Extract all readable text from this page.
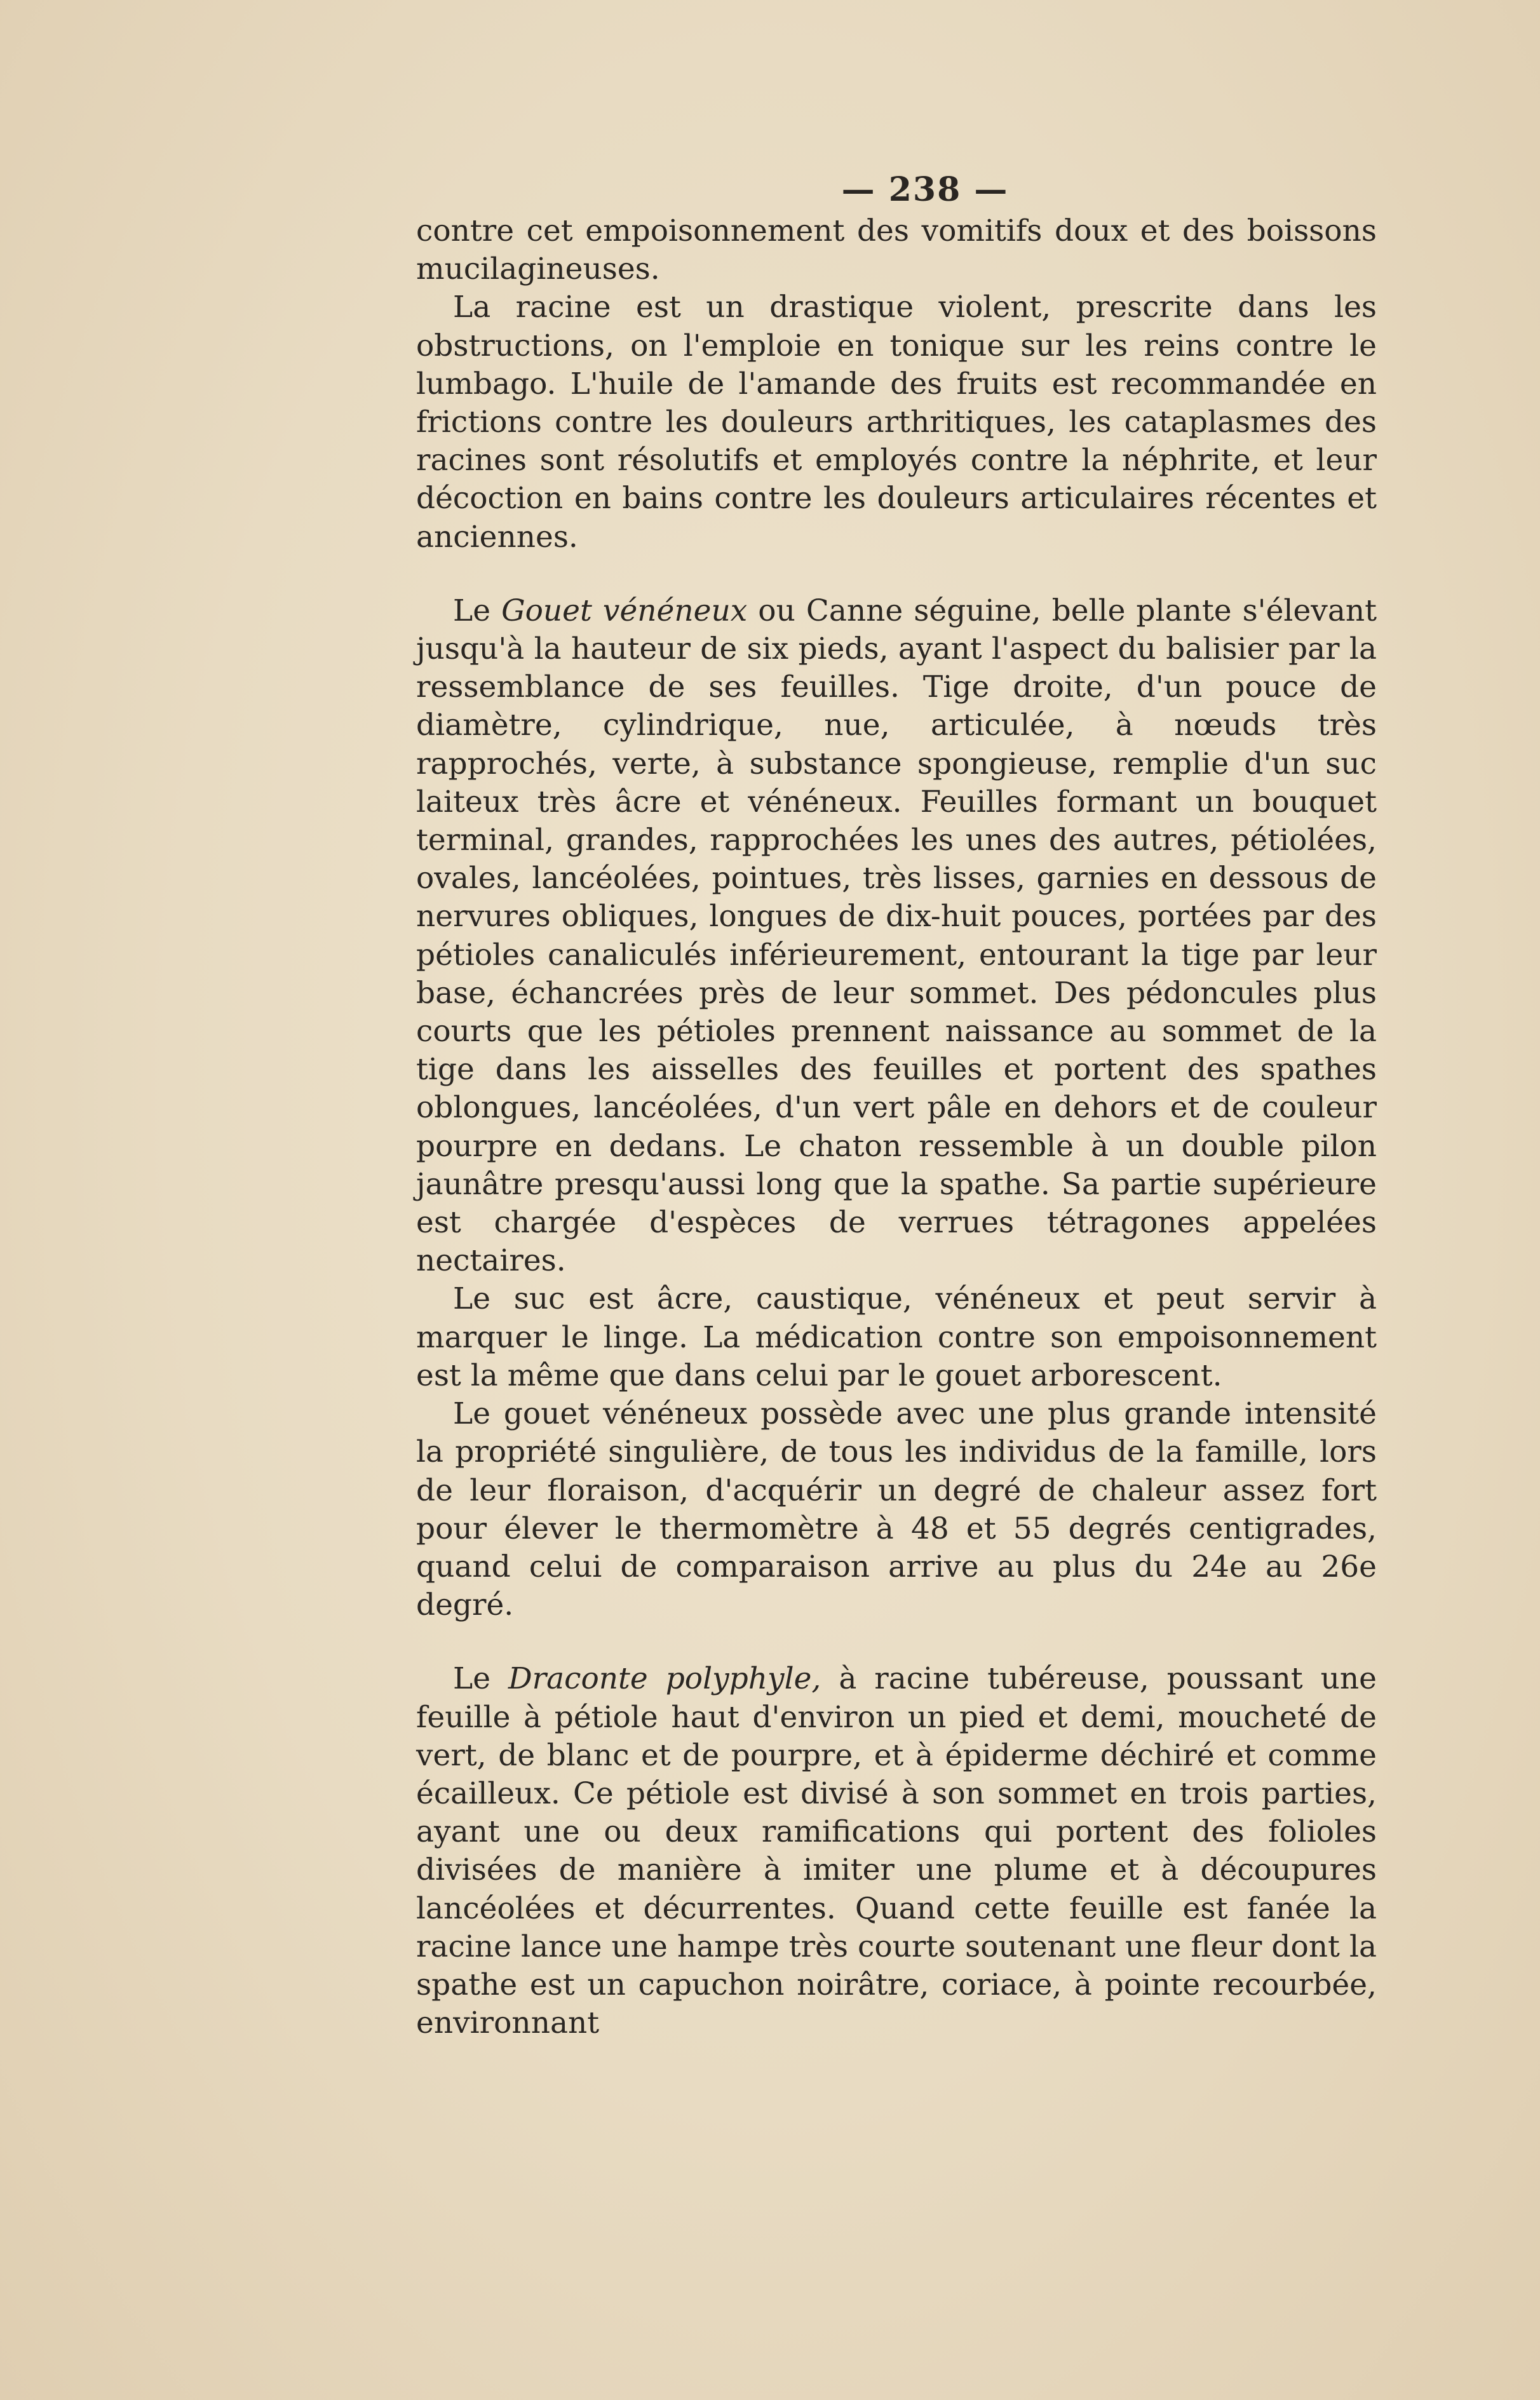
— 238 —

contre cet empoisonnement des vomitifs doux et des boissons mucilagineuses.

La racine est un drastique violent, prescrite dans les obstructions, on l'emploie en tonique sur les reins contre le lumbago. L'huile de l'amande des fruits est recommandée en frictions contre les douleurs arthritiques, les cataplasmes des racines sont résolutifs et employés contre la néphrite, et leur décoction en bains contre les douleurs articulaires récentes et anciennes.

Le Gouet vénéneux ou Canne séguine, belle plante s'élevant jusqu'à la hauteur de six pieds, ayant l'aspect du balisier par la ressemblance de ses feuilles. Tige droite, d'un pouce de diamètre, cylindrique, nue, articulée, à nœuds très rapprochés, verte, à substance spongieuse, remplie d'un suc laiteux très âcre et vénéneux. Feuilles formant un bouquet terminal, grandes, rapprochées les unes des autres, pétiolées, ovales, lancéolées, pointues, très lisses, garnies en dessous de nervures obliques, longues de dix-huit pouces, portées par des pétioles canaliculés inférieurement, entourant la tige par leur base, échancrées près de leur sommet. Des pédoncules plus courts que les pétioles prennent naissance au sommet de la tige dans les aisselles des feuilles et portent des spathes oblongues, lancéolées, d'un vert pâle en dehors et de couleur pourpre en dedans. Le chaton ressemble à un double pilon jaunâtre presqu'aussi long que la spathe. Sa partie supérieure est chargée d'espèces de verrues tétragones appelées nectaires.

Le suc est âcre, caustique, vénéneux et peut servir à marquer le linge. La médication contre son empoisonnement est la même que dans celui par le gouet arborescent.

Le gouet vénéneux possède avec une plus grande intensité la propriété singulière, de tous les individus de la famille, lors de leur floraison, d'acquérir un degré de chaleur assez fort pour élever le thermomètre à 48 et 55 degrés centigrades, quand celui de comparaison arrive au plus du 24e au 26e degré.

Le Draconte polyphyle, à racine tubéreuse, poussant une feuille à pétiole haut d'environ un pied et demi, moucheté de vert, de blanc et de pourpre, et à épiderme déchiré et comme écailleux. Ce pétiole est divisé à son sommet en trois parties, ayant une ou deux ramifications qui portent des folioles divisées de manière à imiter une plume et à découpures lancéolées et décurrentes. Quand cette feuille est fanée la racine lance une hampe très courte soutenant une fleur dont la spathe est un capuchon noirâtre, coriace, à pointe recourbée, environnant
